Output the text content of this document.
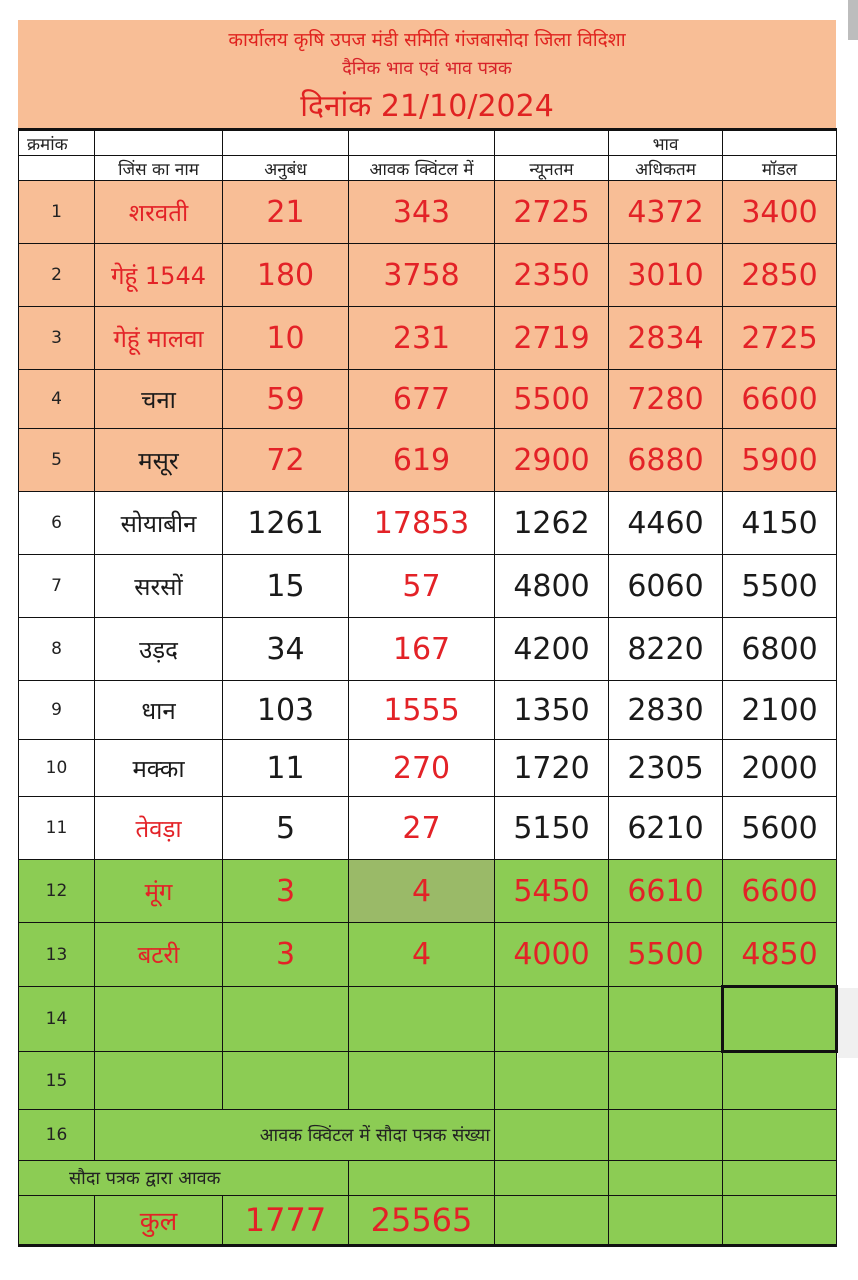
कार्यालय कृषि उपज मंडी समिति गंजबासोदा जिला विदिशा
दैनिक भाव एवं भाव पत्रक
दिनांक 21/10/2024
क्रमांक					भाव	
	जिंस का नाम	अनुबंध	आवक क्विंटल में	न्यूनतम	अधिकतम	मॉडल
1	शरवती	21	343	2725	4372	3400
2	गेहूं 1544	180	3758	2350	3010	2850
3	गेहूं मालवा	10	231	2719	2834	2725
4	चना	59	677	5500	7280	6600
5	मसूर	72	619	2900	6880	5900
6	सोयाबीन	1261	17853	1262	4460	4150
7	सरसों	15	57	4800	6060	5500
8	उड़द	34	167	4200	8220	6800
9	धान	103	1555	1350	2830	2100
10	मक्का	11	270	1720	2305	2000
11	तेवड़ा	5	27	5150	6210	5600
12	मूंग	3	4	5450	6610	6600
13	बटरी	3	4	4000	5500	4850
14						
15						
16	आवक क्विंटल में सौदा पत्रक संख्या					
सौदा पत्रक द्वारा आवक						
	कुल	1777	25565			
